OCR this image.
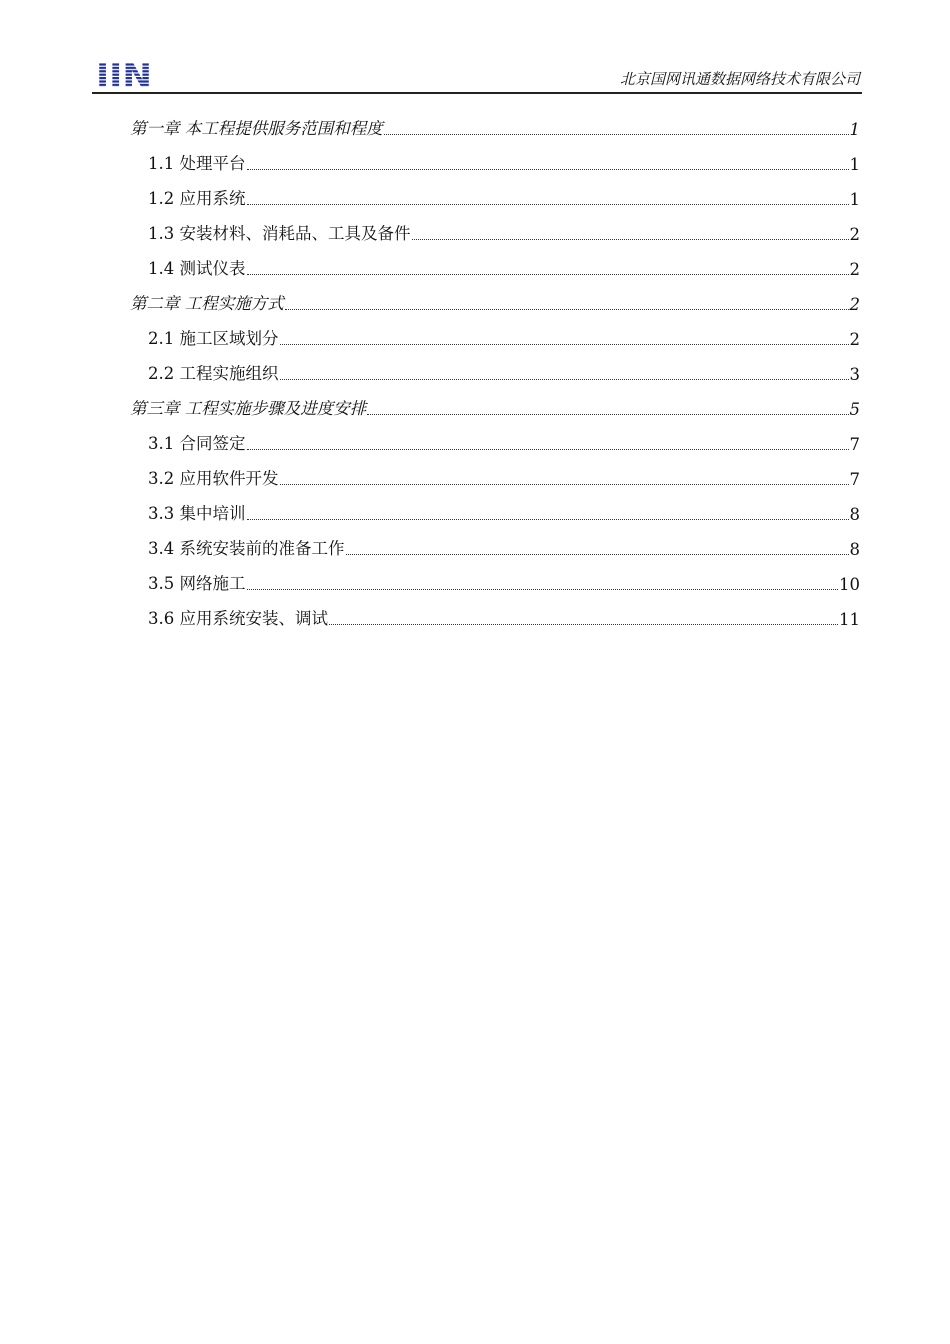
IIN	北京国网讯通数据网络技术有限公司
第一章 本工程提供服务范围和程度	1
1.1 处理平台	1
1.2 应用系统	1
1.3 安装材料、消耗品、工具及备件	2
1.4 测试仪表	2
第二章 工程实施方式	2
2.1 施工区域划分	2
2.2 工程实施组织	3
第三章 工程实施步骤及进度安排	5
3.1 合同签定	7
3.2 应用软件开发	7
3.3 集中培训	8
3.4 系统安装前的准备工作	8
3.5 网络施工	10
3.6 应用系统安装、调试	11
